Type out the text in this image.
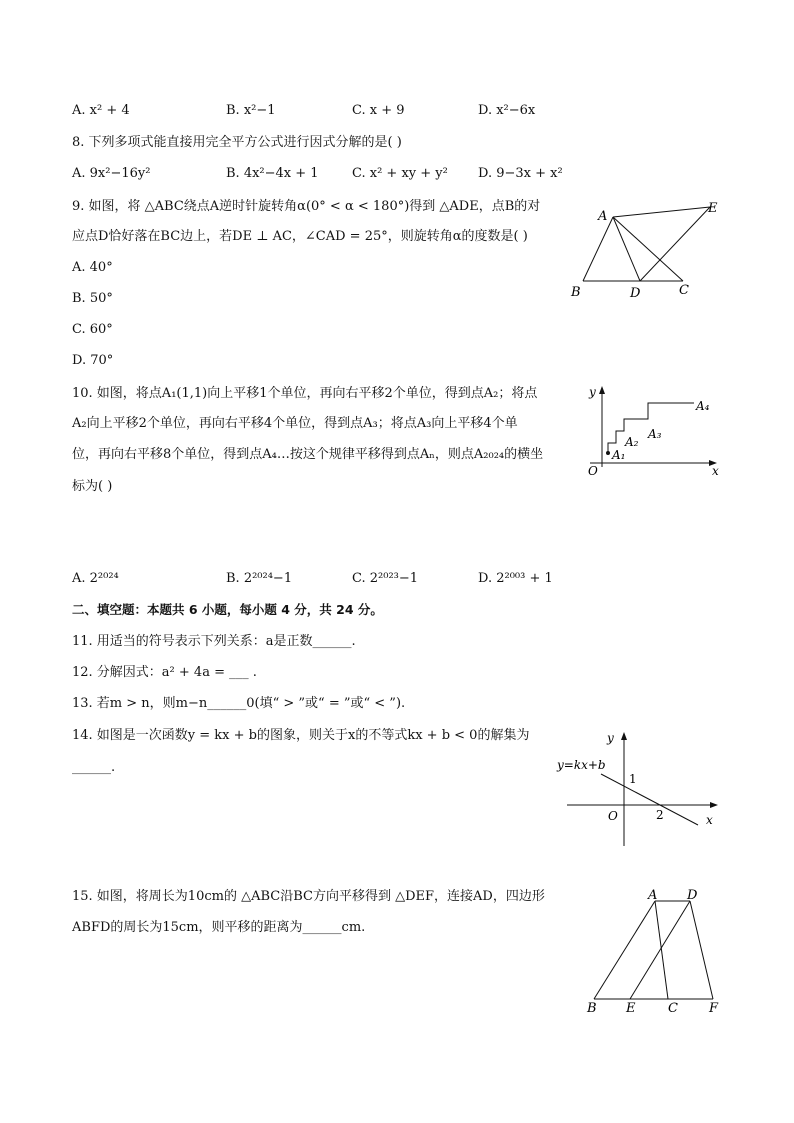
A. x² + 4	B. x²−1	C. x + 9	D. x²−6x
8. 下列多项式能直接用完全平方公式进行因式分解的是( )
A. 9x²−16y²	B. 4x²−4x + 1	C. x² + xy + y² D. 9−3x + x²
9. 如图，将 △ABC绕点A逆时针旋转角α(0° < α < 180°)得到 △ADE，点B的对
应点D恰好落在BC边上，若DE ⊥ AC，∠CAD = 25°，则旋转角α的度数是( )
A. 40°
B. 50°
C. 60°
D. 70°
A
E
B	D	C
10. 如图，将点A₁(1,1)向上平移1个单位，再向右平移2个单位，得到点A₂；将点
A₂向上平移2个单位，再向右平移4个单位，得到点A₃；将点A₃向上平移4个单
位，再向右平移8个单位，得到点A₄…按这个规律平移得到点Aₙ，则点A₂₀₂₄的横坐
标为( )
y
x
O
A₁
A₂
A₃
A₄
A. 2²⁰²⁴	B. 2²⁰²⁴−1	C. 2²⁰²³−1	D. 2²⁰⁰³ + 1
二、填空题：本题共 6 小题，每小题 4 分，共 24 分。
11. 用适当的符号表示下列关系：a是正数______.
12. 分解因式：a² + 4a = ___ .
13. 若m > n，则m−n______0(填“ > ”或“ = ”或“ < ”).
14. 如图是一次函数y = kx + b的图象，则关于x的不等式kx + b < 0的解集为
______.
y
y=kx+b
1
O	2	x
15. 如图，将周长为10cm的 △ABC沿BC方向平移得到 △DEF，连接AD，四边形
ABFD的周长为15cm，则平移的距离为______cm.
A D
B E	C F
